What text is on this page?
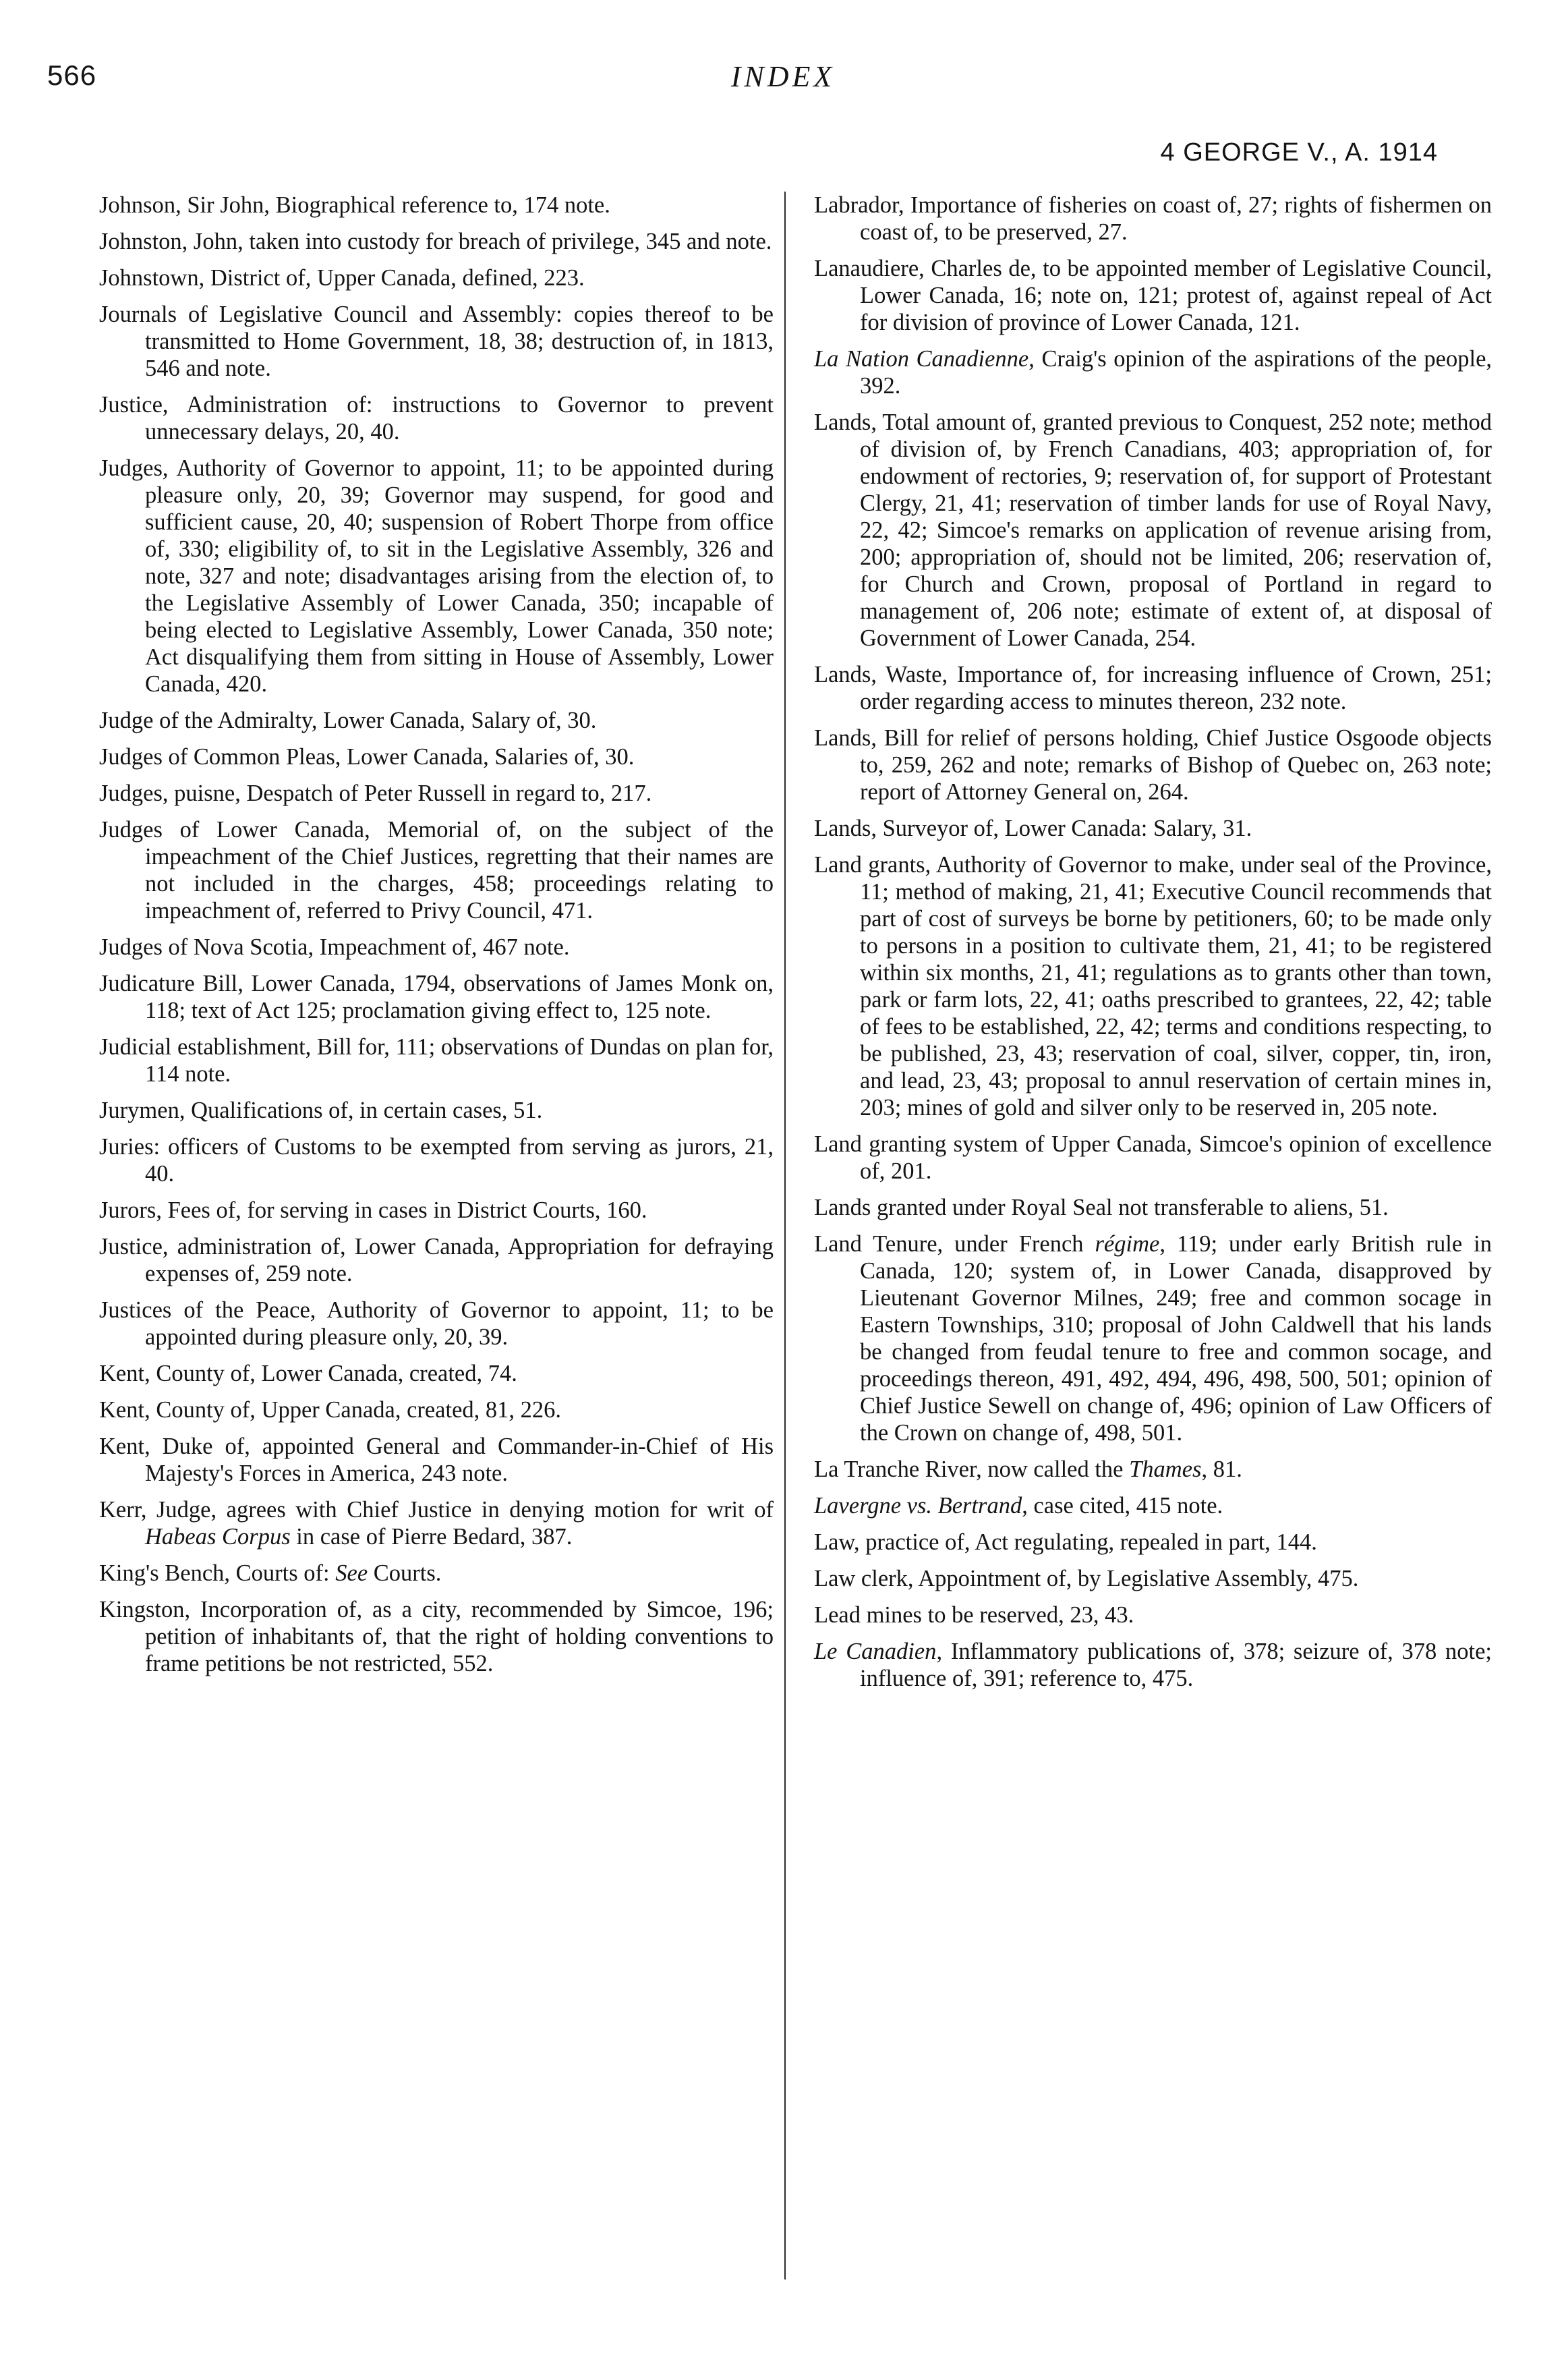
566	INDEX
4 GEORGE V., A. 1914

Johnson, Sir John, Biographical reference to, 174 note.

Johnston, John, taken into custody for breach of privilege, 345 and note.

Johnstown, District of, Upper Canada, defined, 223.

Journals of Legislative Council and Assembly: copies thereof to be transmitted to Home Government, 18, 38; destruction of, in 1813, 546 and note.

Justice, Administration of: instructions to Governor to prevent unnecessary delays, 20, 40.

Judges, Authority of Governor to appoint, 11; to be appointed during pleasure only, 20, 39; Governor may suspend, for good and sufficient cause, 20, 40; suspension of Robert Thorpe from office of, 330; eligibility of, to sit in the Legislative Assembly, 326 and note, 327 and note; disadvantages arising from the election of, to the Legislative Assembly of Lower Canada, 350; incapable of being elected to Legislative Assembly, Lower Canada, 350 note; Act disqualifying them from sitting in House of Assembly, Lower Canada, 420.

Judge of the Admiralty, Lower Canada, Salary of, 30.

Judges of Common Pleas, Lower Canada, Salaries of, 30.

Judges, puisne, Despatch of Peter Russell in regard to, 217.

Judges of Lower Canada, Memorial of, on the subject of the impeachment of the Chief Justices, regretting that their names are not included in the charges, 458; proceedings relating to impeachment of, referred to Privy Council, 471.

Judges of Nova Scotia, Impeachment of, 467 note.

Judicature Bill, Lower Canada, 1794, observations of James Monk on, 118; text of Act 125; proclamation giving effect to, 125 note.

Judicial establishment, Bill for, 111; observations of Dundas on plan for, 114 note.

Jurymen, Qualifications of, in certain cases, 51.

Juries: officers of Customs to be exempted from serving as jurors, 21, 40.

Jurors, Fees of, for serving in cases in District Courts, 160.

Justice, administration of, Lower Canada, Appropriation for defraying expenses of, 259 note.

Justices of the Peace, Authority of Governor to appoint, 11; to be appointed during pleasure only, 20, 39.

Kent, County of, Lower Canada, created, 74.

Kent, County of, Upper Canada, created, 81, 226.

Kent, Duke of, appointed General and Commander-in-Chief of His Majesty's Forces in America, 243 note.

Kerr, Judge, agrees with Chief Justice in denying motion for writ of Habeas Corpus in case of Pierre Bedard, 387.

King's Bench, Courts of: See Courts.

Kingston, Incorporation of, as a city, recommended by Simcoe, 196; petition of inhabitants of, that the right of holding conventions to frame petitions be not restricted, 552.

Labrador, Importance of fisheries on coast of, 27; rights of fishermen on coast of, to be preserved, 27.

Lanaudiere, Charles de, to be appointed member of Legislative Council, Lower Canada, 16; note on, 121; protest of, against repeal of Act for division of province of Lower Canada, 121.

La Nation Canadienne, Craig's opinion of the aspirations of the people, 392.

Lands, Total amount of, granted previous to Conquest, 252 note; method of division of, by French Canadians, 403; appropriation of, for endowment of rectories, 9; reservation of, for support of Protestant Clergy, 21, 41; reservation of timber lands for use of Royal Navy, 22, 42; Simcoe's remarks on application of revenue arising from, 200; appropriation of, should not be limited, 206; reservation of, for Church and Crown, proposal of Portland in regard to management of, 206 note; estimate of extent of, at disposal of Government of Lower Canada, 254.

Lands, Waste, Importance of, for increasing influence of Crown, 251; order regarding access to minutes thereon, 232 note.

Lands, Bill for relief of persons holding, Chief Justice Osgoode objects to, 259, 262 and note; remarks of Bishop of Quebec on, 263 note; report of Attorney General on, 264.

Lands, Surveyor of, Lower Canada: Salary, 31.

Land grants, Authority of Governor to make, under seal of the Province, 11; method of making, 21, 41; Executive Council recommends that part of cost of surveys be borne by petitioners, 60; to be made only to persons in a position to cultivate them, 21, 41; to be registered within six months, 21, 41; regulations as to grants other than town, park or farm lots, 22, 41; oaths prescribed to grantees, 22, 42; table of fees to be established, 22, 42; terms and conditions respecting, to be published, 23, 43; reservation of coal, silver, copper, tin, iron, and lead, 23, 43; proposal to annul reservation of certain mines in, 203; mines of gold and silver only to be reserved in, 205 note.

Land granting system of Upper Canada, Simcoe's opinion of excellence of, 201.

Lands granted under Royal Seal not transferable to aliens, 51.

Land Tenure, under French régime, 119; under early British rule in Canada, 120; system of, in Lower Canada, disapproved by Lieutenant Governor Milnes, 249; free and common socage in Eastern Townships, 310; proposal of John Caldwell that his lands be changed from feudal tenure to free and common socage, and proceedings thereon, 491, 492, 494, 496, 498, 500, 501; opinion of Chief Justice Sewell on change of, 496; opinion of Law Officers of the Crown on change of, 498, 501.

La Tranche River, now called the Thames, 81.

Lavergne vs. Bertrand, case cited, 415 note.

Law, practice of, Act regulating, repealed in part, 144.

Law clerk, Appointment of, by Legislative Assembly, 475.

Lead mines to be reserved, 23, 43.

Le Canadien, Inflammatory publications of, 378; seizure of, 378 note; influence of, 391; reference to, 475.
